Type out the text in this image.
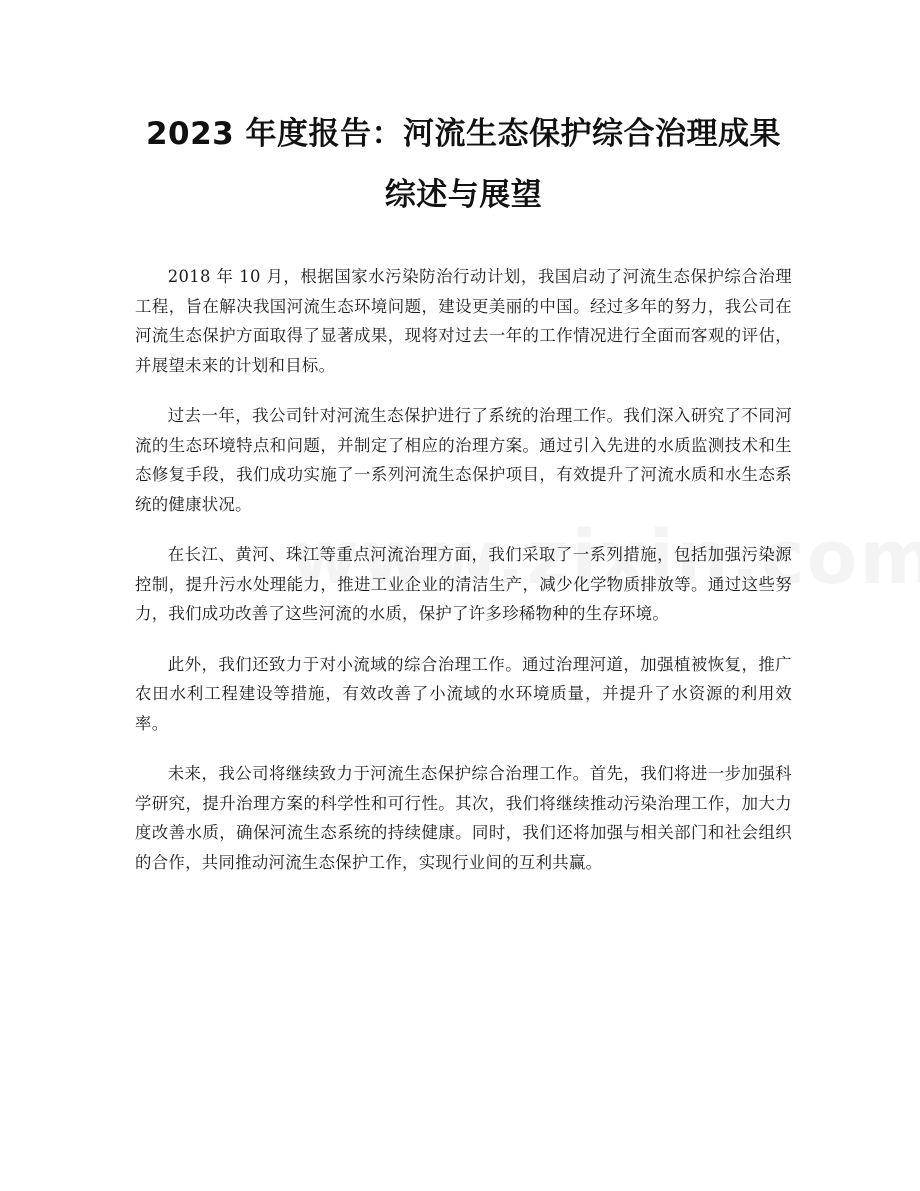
2023 年度报告：河流生态保护综合治理成果
综述与展望

2018 年 10 月，根据国家水污染防治行动计划，我国启动了河流生态保护综合治理工程，旨在解决我国河流生态环境问题，建设更美丽的中国。经过多年的努力，我公司在河流生态保护方面取得了显著成果，现将对过去一年的工作情况进行全面而客观的评估，并展望未来的计划和目标。

过去一年，我公司针对河流生态保护进行了系统的治理工作。我们深入研究了不同河流的生态环境特点和问题，并制定了相应的治理方案。通过引入先进的水质监测技术和生态修复手段，我们成功实施了一系列河流生态保护项目，有效提升了河流水质和水生态系统的健康状况。

在长江、黄河、珠江等重点河流治理方面，我们采取了一系列措施，包括加强污染源控制，提升污水处理能力，推进工业企业的清洁生产，减少化学物质排放等。通过这些努力，我们成功改善了这些河流的水质，保护了许多珍稀物种的生存环境。

此外，我们还致力于对小流域的综合治理工作。通过治理河道，加强植被恢复，推广农田水利工程建设等措施，有效改善了小流域的水环境质量，并提升了水资源的利用效率。

未来，我公司将继续致力于河流生态保护综合治理工作。首先，我们将进一步加强科学研究，提升治理方案的科学性和可行性。其次，我们将继续推动污染治理工作，加大力度改善水质，确保河流生态系统的持续健康。同时，我们还将加强与相关部门和社会组织的合作，共同推动河流生态保护工作，实现行业间的互利共赢。
